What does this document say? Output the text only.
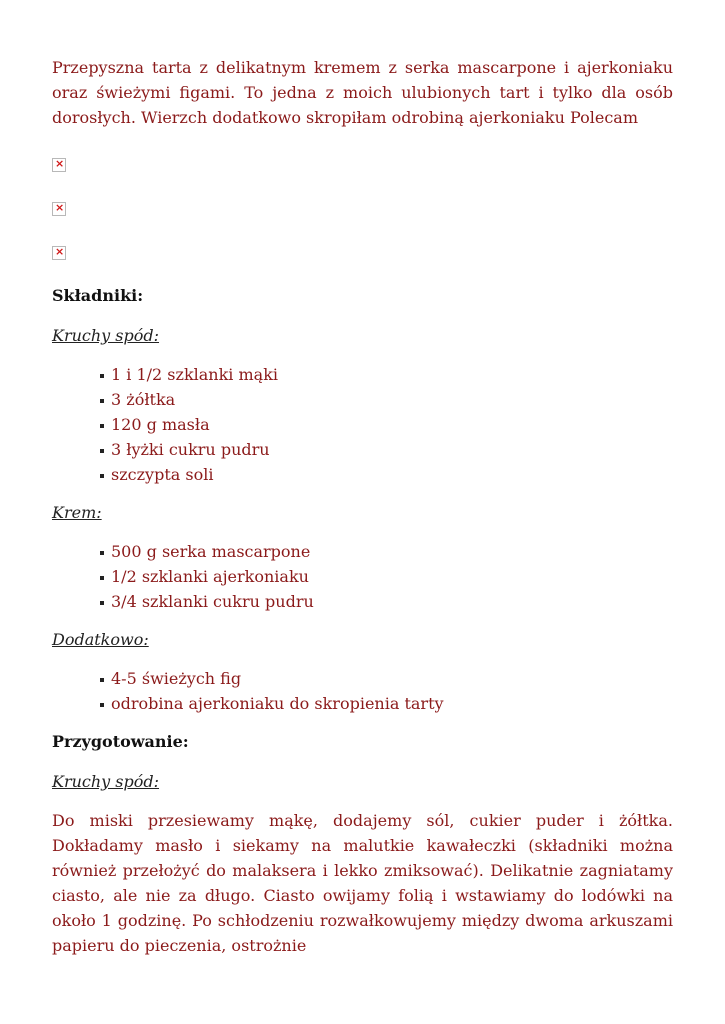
Przepyszna tarta z delikatnym kremem z serka mascarpone i ajerkoniaku oraz świeżymi figami. To jedna z moich ulubionych tart i tylko dla osób dorosłych. Wierzch dodatkowo skropiłam odrobiną ajerkoniaku Polecam

×
×
×
Składniki:
Kruchy spód:
1 i 1/2 szklanki mąki
3 żółtka
120 g masła
3 łyżki cukru pudru
szczypta soli
Krem:
500 g serka mascarpone
1/2 szklanki ajerkoniaku
3/4 szklanki cukru pudru
Dodatkowo:
4-5 świeżych fig
odrobina ajerkoniaku do skropienia tarty
Przygotowanie:
Kruchy spód:

Do miski przesiewamy mąkę, dodajemy sól, cukier puder i żółtka. Dokładamy masło i siekamy na malutkie kawałeczki (składniki można również przełożyć do malaksera i lekko zmiksować). Delikatnie zagniatamy ciasto, ale nie za długo. Ciasto owijamy folią i wstawiamy do lodówki na około 1 godzinę. Po schłodzeniu rozwałkowujemy między dwoma arkuszami papieru do pieczenia, ostrożnie
